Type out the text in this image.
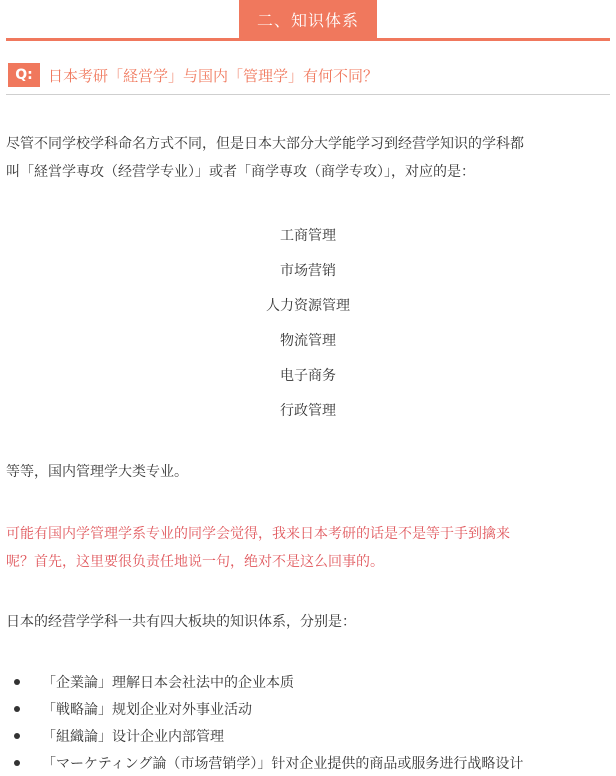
二、知识体系
Q:	日本考研「経営学」与国内「管理学」有何不同？
尽管不同学校学科命名方式不同，但是日本大部分大学能学习到经营学知识的学科都
叫「経営学専攻（经营学专业）」或者「商学専攻（商学专攻）」，对应的是：
工商管理
市场营销
人力资源管理
物流管理
电子商务
行政管理
等等，国内管理学大类专业。
可能有国内学管理学系专业的同学会觉得，我来日本考研的话是不是等于手到擒来
呢？首先，这里要很负责任地说一句，绝对不是这么回事的。
日本的经营学学科一共有四大板块的知识体系，分别是：
「企業論」理解日本会社法中的企业本质
「戦略論」规划企业对外事业活动
「組織論」设计企业内部管理
「マーケティング論（市场营销学）」针对企业提供的商品或服务进行战略设计
